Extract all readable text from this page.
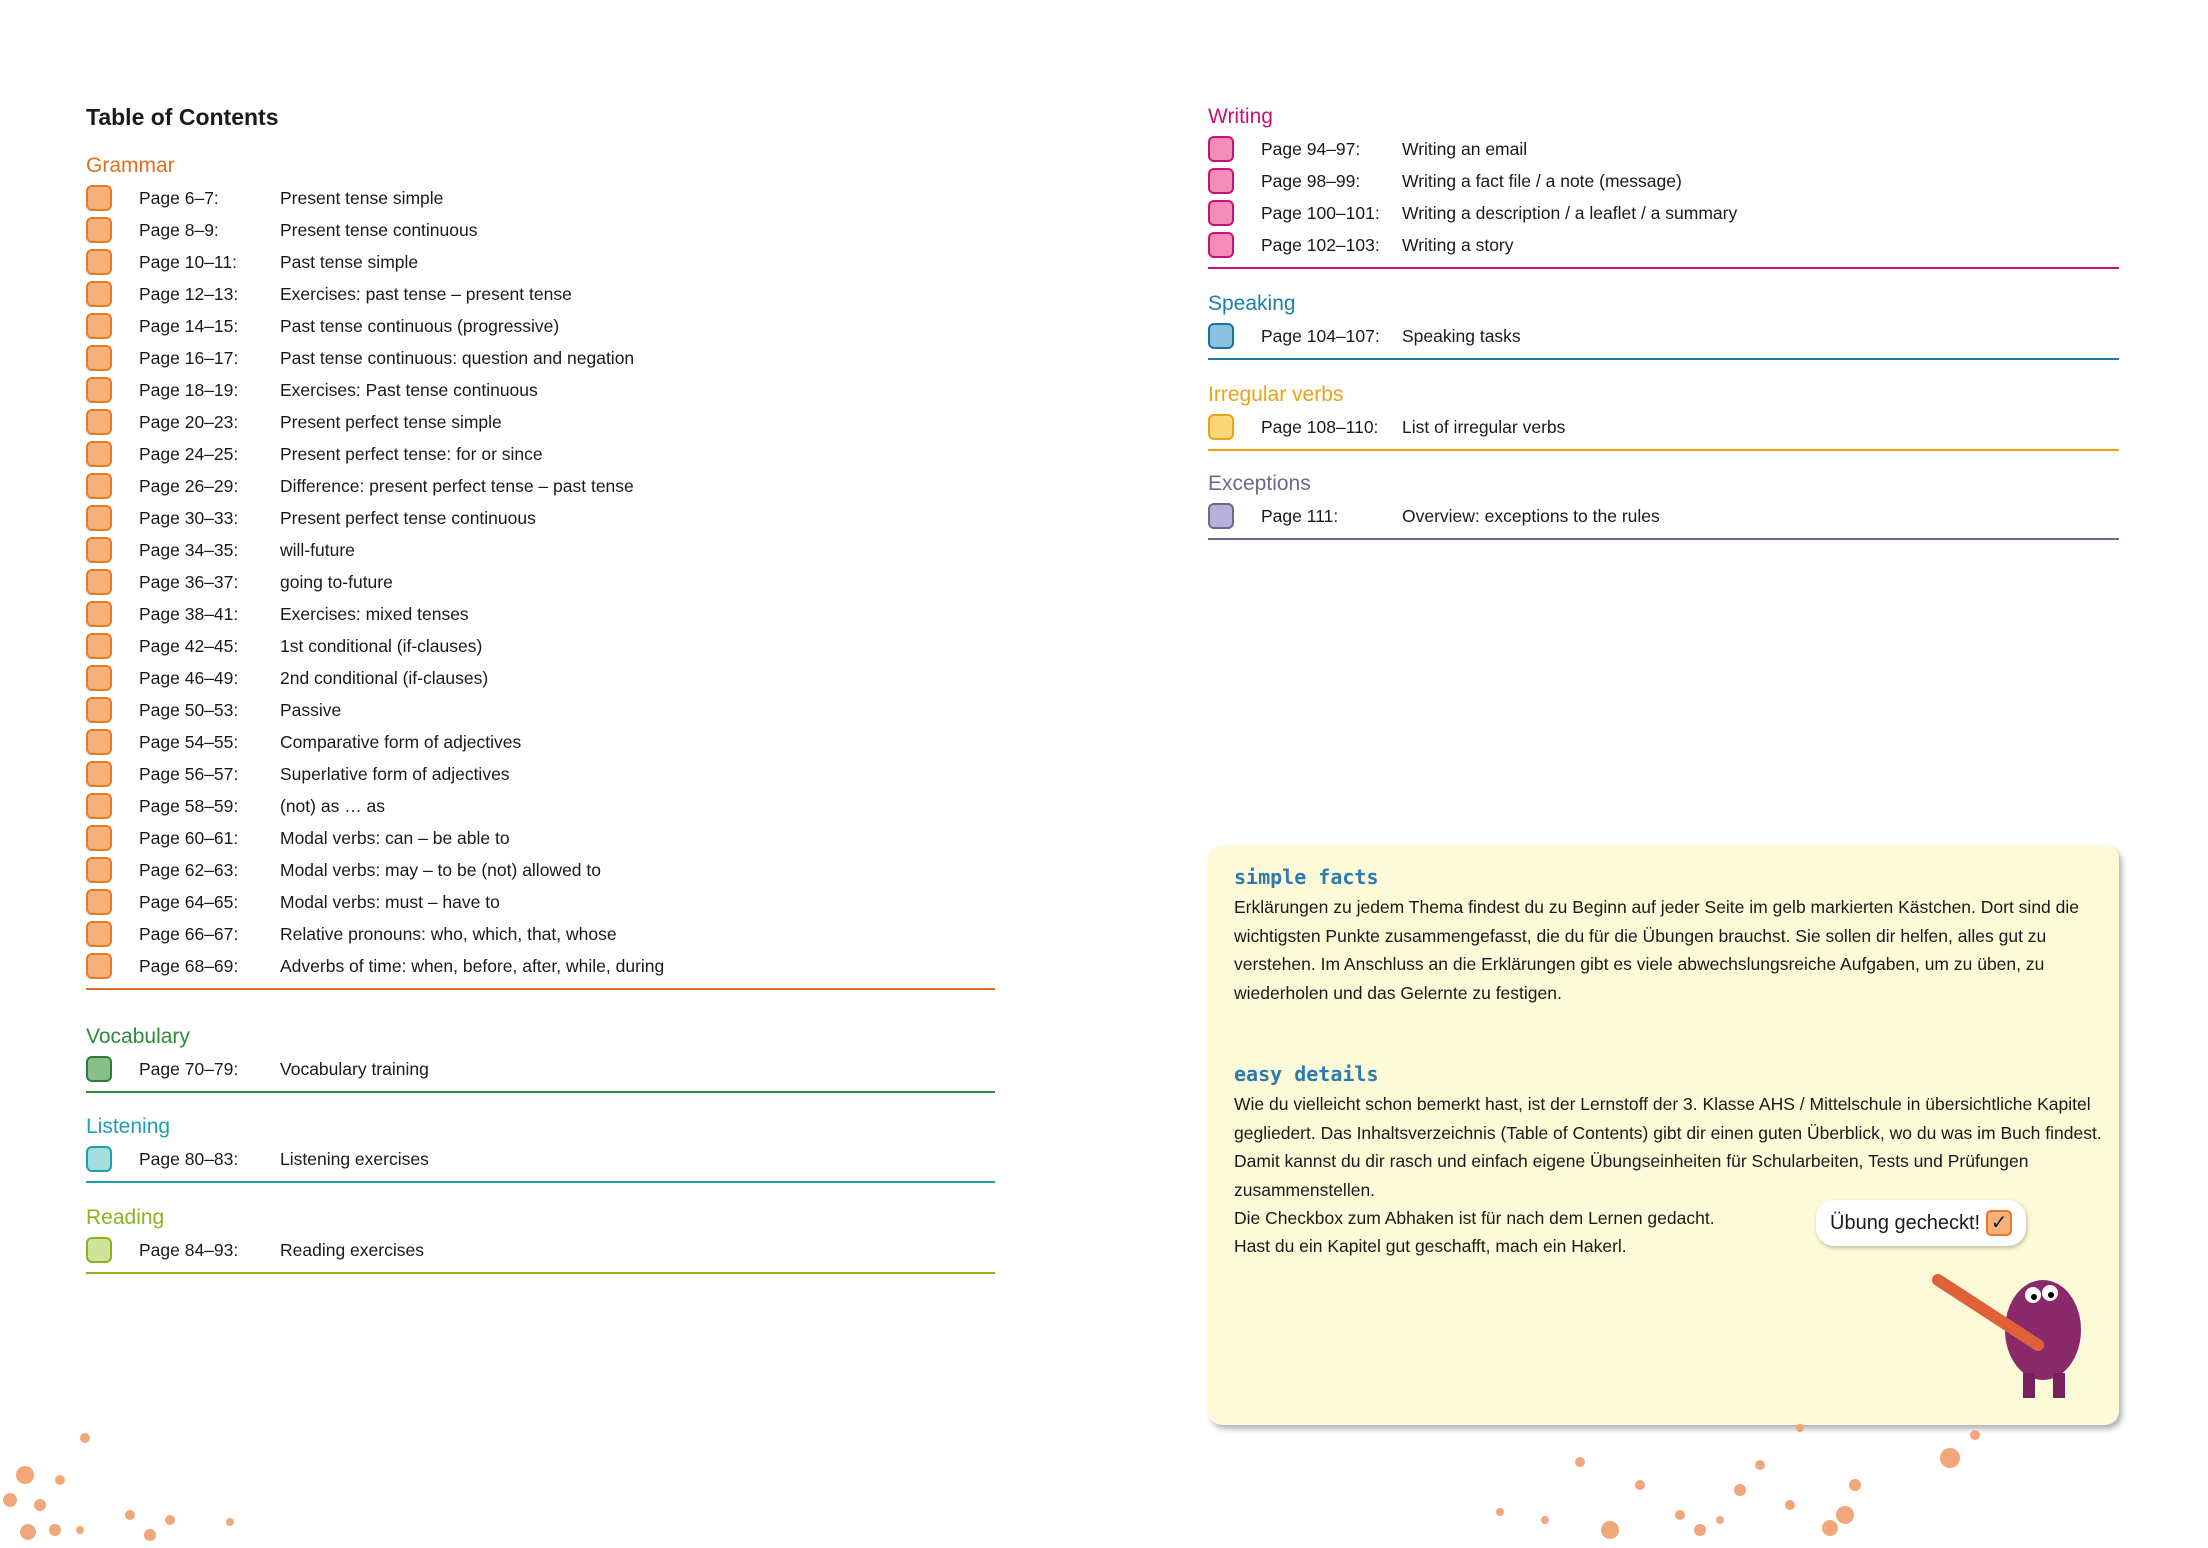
Table of Contents
Grammar
Page 6–7:	Present tense simple
Page 8–9:	Present tense continuous
Page 10–11: Past tense simple
Page 12–13: Exercises: past tense – present tense
Page 14–15: Past tense continuous (progressive)
Page 16–17: Past tense continuous: question and negation
Page 18–19: Exercises: Past tense continuous
Page 20–23: Present perfect tense simple
Page 24–25: Present perfect tense: for or since
Page 26–29: Difference: present perfect tense – past tense
Page 30–33: Present perfect tense continuous
Page 34–35: will-future
Page 36–37: going to-future
Page 38–41: Exercises: mixed tenses
Page 42–45: 1st conditional (if-clauses)
Page 46–49: 2nd conditional (if-clauses)
Page 50–53: Passive
Page 54–55: Comparative form of adjectives
Page 56–57: Superlative form of adjectives
Page 58–59: (not) as … as
Page 60–61: Modal verbs: can – be able to
Page 62–63: Modal verbs: may – to be (not) allowed to
Page 64–65: Modal verbs: must – have to
Page 66–67: Relative pronouns: who, which, that, whose
Page 68–69: Adverbs of time: when, before, after, while, during
Vocabulary
Page 70–79: Vocabulary training
Listening
Page 80–83: Listening exercises
Reading
Page 84–93: Reading exercises
Writing
Page 94–97: Writing an email
Page 98–99: Writing a fact file / a note (message)
Page 100–101: Writing a description / a leaflet / a summary
Page 102–103: Writing a story
Speaking
Page 104–107: Speaking tasks
Irregular verbs
Page 108–110: List of irregular verbs
Exceptions
Page 111:	Overview: exceptions to the rules
simple facts

Erklärungen zu jedem Thema findest du zu Beginn auf jeder Seite im gelb markierten Kästchen. Dort sind die wichtigsten Punkte zusammengefasst, die du für die Übungen brauchst. Sie sollen dir helfen, alles gut zu verstehen. Im Anschluss an die Erklärungen gibt es viele abwechslungsreiche Aufgaben, um zu üben, zu wiederholen und das Gelernte zu festigen.

easy details

Wie du vielleicht schon bemerkt hast, ist der Lernstoff der 3. Klasse AHS / Mittelschule in übersichtliche Kapitel gegliedert. Das Inhaltsverzeichnis (Table of Contents) gibt dir einen guten Überblick, wo du was im Buch findest. Damit kannst du dir rasch und einfach eigene Übungseinheiten für Schularbeiten, Tests und Prüfungen zusammenstellen.

Die Checkbox zum Abhaken ist für nach dem Lernen gedacht.

Hast du ein Kapitel gut geschafft, mach ein Hakerl.

Übung gecheckt! ✓
